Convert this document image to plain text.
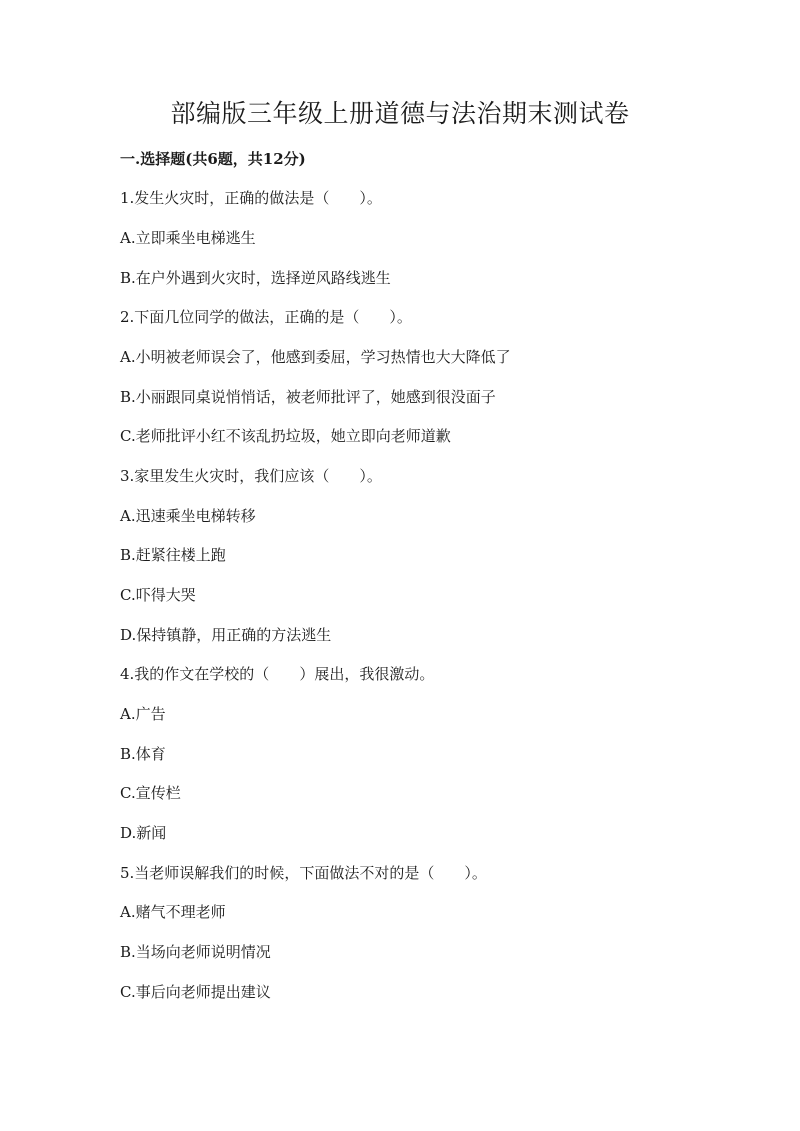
部编版三年级上册道德与法治期末测试卷

一.选择题(共6题，共12分)

1.发生火灾时，正确的做法是（　　）。

A.立即乘坐电梯逃生

B.在户外遇到火灾时，选择逆风路线逃生

2.下面几位同学的做法，正确的是（　　）。

A.小明被老师误会了，他感到委屈，学习热情也大大降低了

B.小丽跟同桌说悄悄话，被老师批评了，她感到很没面子

C.老师批评小红不该乱扔垃圾，她立即向老师道歉

3.家里发生火灾时，我们应该（　　）。

A.迅速乘坐电梯转移

B.赶紧往楼上跑

C.吓得大哭

D.保持镇静，用正确的方法逃生

4.我的作文在学校的（　　）展出，我很激动。

A.广告

B.体育

C.宣传栏

D.新闻

5.当老师误解我们的时候，下面做法不对的是（　　）。

A.赌气不理老师

B.当场向老师说明情况

C.事后向老师提出建议
